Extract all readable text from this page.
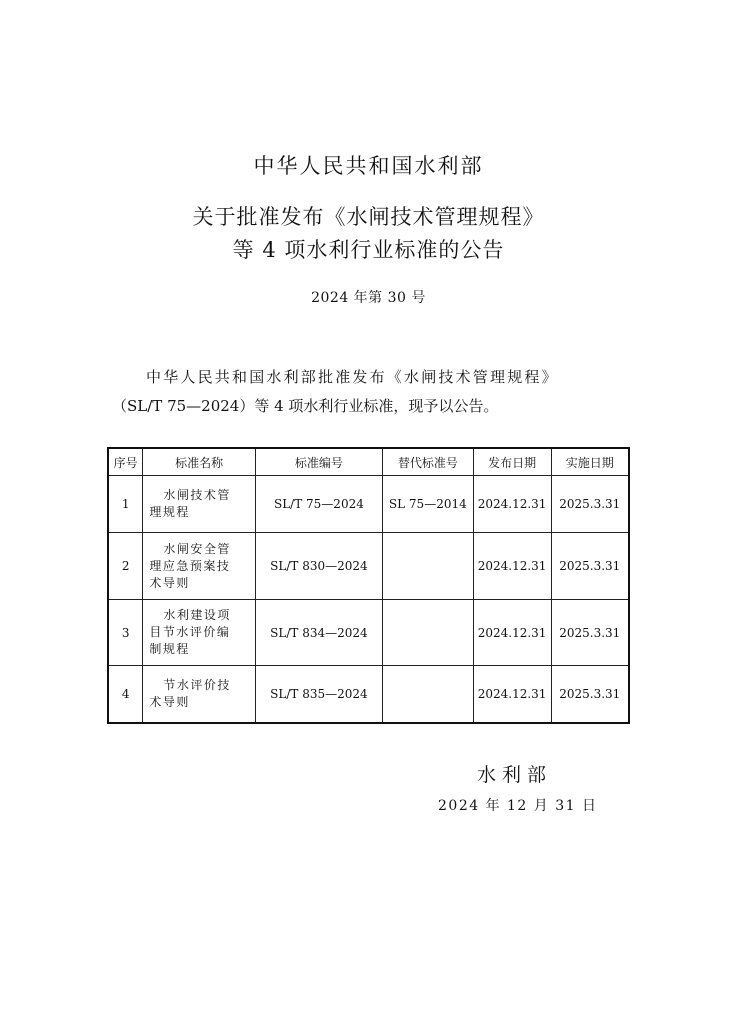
中华人民共和国水利部
关于批准发布《水闸技术管理规程》
等 4 项水利行业标准的公告
2024 年第 30 号
中华人民共和国水利部批准发布《水闸技术管理规程》
（SL/T 75—2024）等 4 项水利行业标准，现予以公告。
序号	标准名称	标准编号	替代标准号	发布日期	实施日期
1	水闸技术管
理规程	SL/T 75—2024	SL 75—2014	2024.12.31	2025.3.31
2	水闸安全管
理应急预案技
术导则	SL/T 830—2024		2024.12.31	2025.3.31
3	水利建设项
目节水评价编
制规程	SL/T 834—2024		2024.12.31	2025.3.31
4	节水评价技
术导则	SL/T 835—2024		2024.12.31	2025.3.31
水利部
2024 年 12 月 31 日
